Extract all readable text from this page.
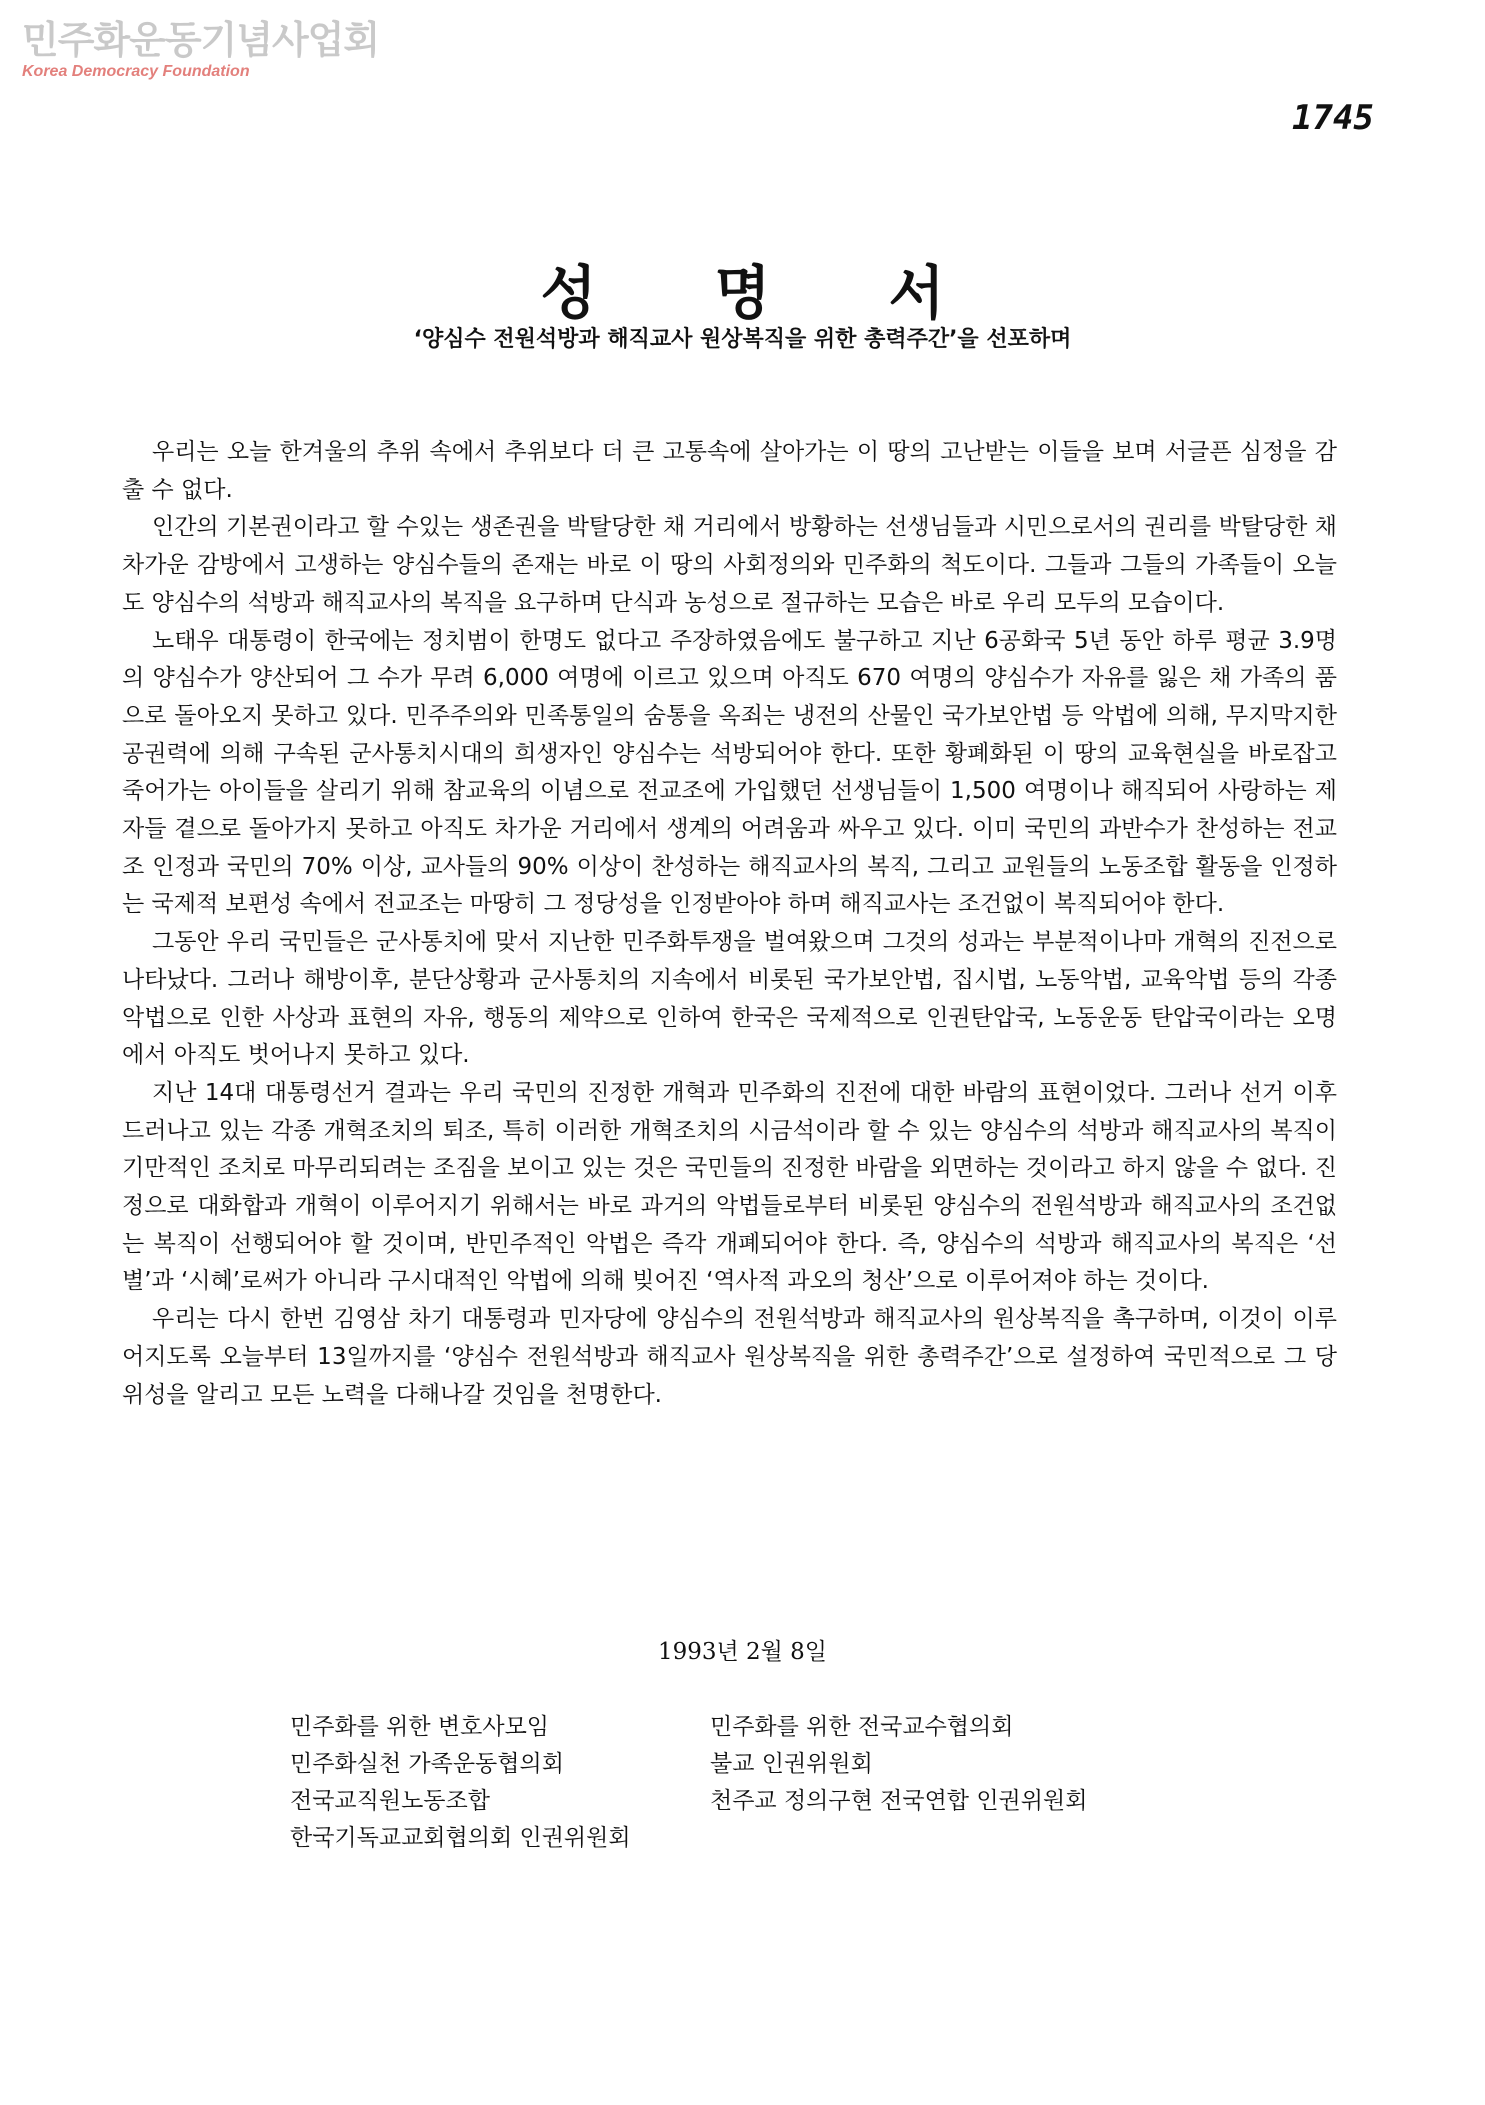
민주화운동기념사업회
Korea Democracy Foundation
1745
성명서
‘양심수 전원석방과 해직교사 원상복직을 위한 총력주간’을 선포하며

우리는 오늘 한겨울의 추위 속에서 추위보다 더 큰 고통속에 살아가는 이 땅의 고난받는 이들을 보며 서글픈 심정을 감출 수 없다.

인간의 기본권이라고 할 수있는 생존권을 박탈당한 채 거리에서 방황하는 선생님들과 시민으로서의 권리를 박탈당한 채 차가운 감방에서 고생하는 양심수들의 존재는 바로 이 땅의 사회정의와 민주화의 척도이다. 그들과 그들의 가족들이 오늘도 양심수의 석방과 해직교사의 복직을 요구하며 단식과 농성으로 절규하는 모습은 바로 우리 모두의 모습이다.

노태우 대통령이 한국에는 정치범이 한명도 없다고 주장하였음에도 불구하고 지난 6공화국 5년 동안 하루 평균 3.9명의 양심수가 양산되어 그 수가 무려 6,000 여명에 이르고 있으며 아직도 670 여명의 양심수가 자유를 잃은 채 가족의 품으로 돌아오지 못하고 있다. 민주주의와 민족통일의 숨통을 옥죄는 냉전의 산물인 국가보안법 등 악법에 의해, 무지막지한 공권력에 의해 구속된 군사통치시대의 희생자인 양심수는 석방되어야 한다. 또한 황폐화된 이 땅의 교육현실을 바로잡고 죽어가는 아이들을 살리기 위해 참교육의 이념으로 전교조에 가입했던 선생님들이 1,500 여명이나 해직되어 사랑하는 제자들 곁으로 돌아가지 못하고 아직도 차가운 거리에서 생계의 어려움과 싸우고 있다. 이미 국민의 과반수가 찬성하는 전교조 인정과 국민의 70% 이상, 교사들의 90% 이상이 찬성하는 해직교사의 복직, 그리고 교원들의 노동조합 활동을 인정하는 국제적 보편성 속에서 전교조는 마땅히 그 정당성을 인정받아야 하며 해직교사는 조건없이 복직되어야 한다.

그동안 우리 국민들은 군사통치에 맞서 지난한 민주화투쟁을 벌여왔으며 그것의 성과는 부분적이나마 개혁의 진전으로 나타났다. 그러나 해방이후, 분단상황과 군사통치의 지속에서 비롯된 국가보안법, 집시법, 노동악법, 교육악법 등의 각종 악법으로 인한 사상과 표현의 자유, 행동의 제약으로 인하여 한국은 국제적으로 인권탄압국, 노동운동 탄압국이라는 오명에서 아직도 벗어나지 못하고 있다.

지난 14대 대통령선거 결과는 우리 국민의 진정한 개혁과 민주화의 진전에 대한 바람의 표현이었다. 그러나 선거 이후 드러나고 있는 각종 개혁조치의 퇴조, 특히 이러한 개혁조치의 시금석이라 할 수 있는 양심수의 석방과 해직교사의 복직이 기만적인 조치로 마무리되려는 조짐을 보이고 있는 것은 국민들의 진정한 바람을 외면하는 것이라고 하지 않을 수 없다. 진정으로 대화합과 개혁이 이루어지기 위해서는 바로 과거의 악법들로부터 비롯된 양심수의 전원석방과 해직교사의 조건없는 복직이 선행되어야 할 것이며, 반민주적인 악법은 즉각 개폐되어야 한다. 즉, 양심수의 석방과 해직교사의 복직은 ‘선별’과 ‘시혜’로써가 아니라 구시대적인 악법에 의해 빚어진 ‘역사적 과오의 청산’으로 이루어져야 하는 것이다.

우리는 다시 한번 김영삼 차기 대통령과 민자당에 양심수의 전원석방과 해직교사의 원상복직을 촉구하며, 이것이 이루어지도록 오늘부터 13일까지를 ‘양심수 전원석방과 해직교사 원상복직을 위한 총력주간’으로 설정하여 국민적으로 그 당위성을 알리고 모든 노력을 다해나갈 것임을 천명한다.

1993년 2월 8일
민주화를 위한 변호사모임	민주화를 위한 전국교수협의회
민주화실천 가족운동협의회	불교 인권위원회
전국교직원노동조합	천주교 정의구현 전국연합 인권위원회
한국기독교교회협의회 인권위원회
